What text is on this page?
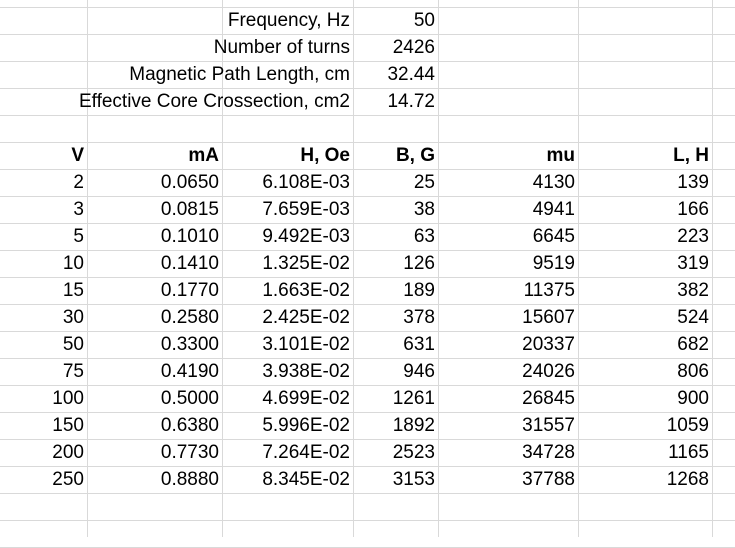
Frequency, Hz	50
Number of turns	2426
Magnetic Path Length, cm	32.44
Effective Core Crossection, cm2	14.72
V	mA	H, Oe	B, G	mu	L, H
2	0.0650	6.108E-03	25	4130	139
3	0.0815	7.659E-03	38	4941	166
5	0.1010	9.492E-03	63	6645	223
10	0.1410	1.325E-02	126	9519	319
15	0.1770	1.663E-02	189	11375	382
30	0.2580	2.425E-02	378	15607	524
50	0.3300	3.101E-02	631	20337	682
75	0.4190	3.938E-02	946	24026	806
100	0.5000	4.699E-02	1261	26845	900
150	0.6380	5.996E-02	1892	31557	1059
200	0.7730	7.264E-02	2523	34728	1165
250	0.8880	8.345E-02	3153	37788	1268
